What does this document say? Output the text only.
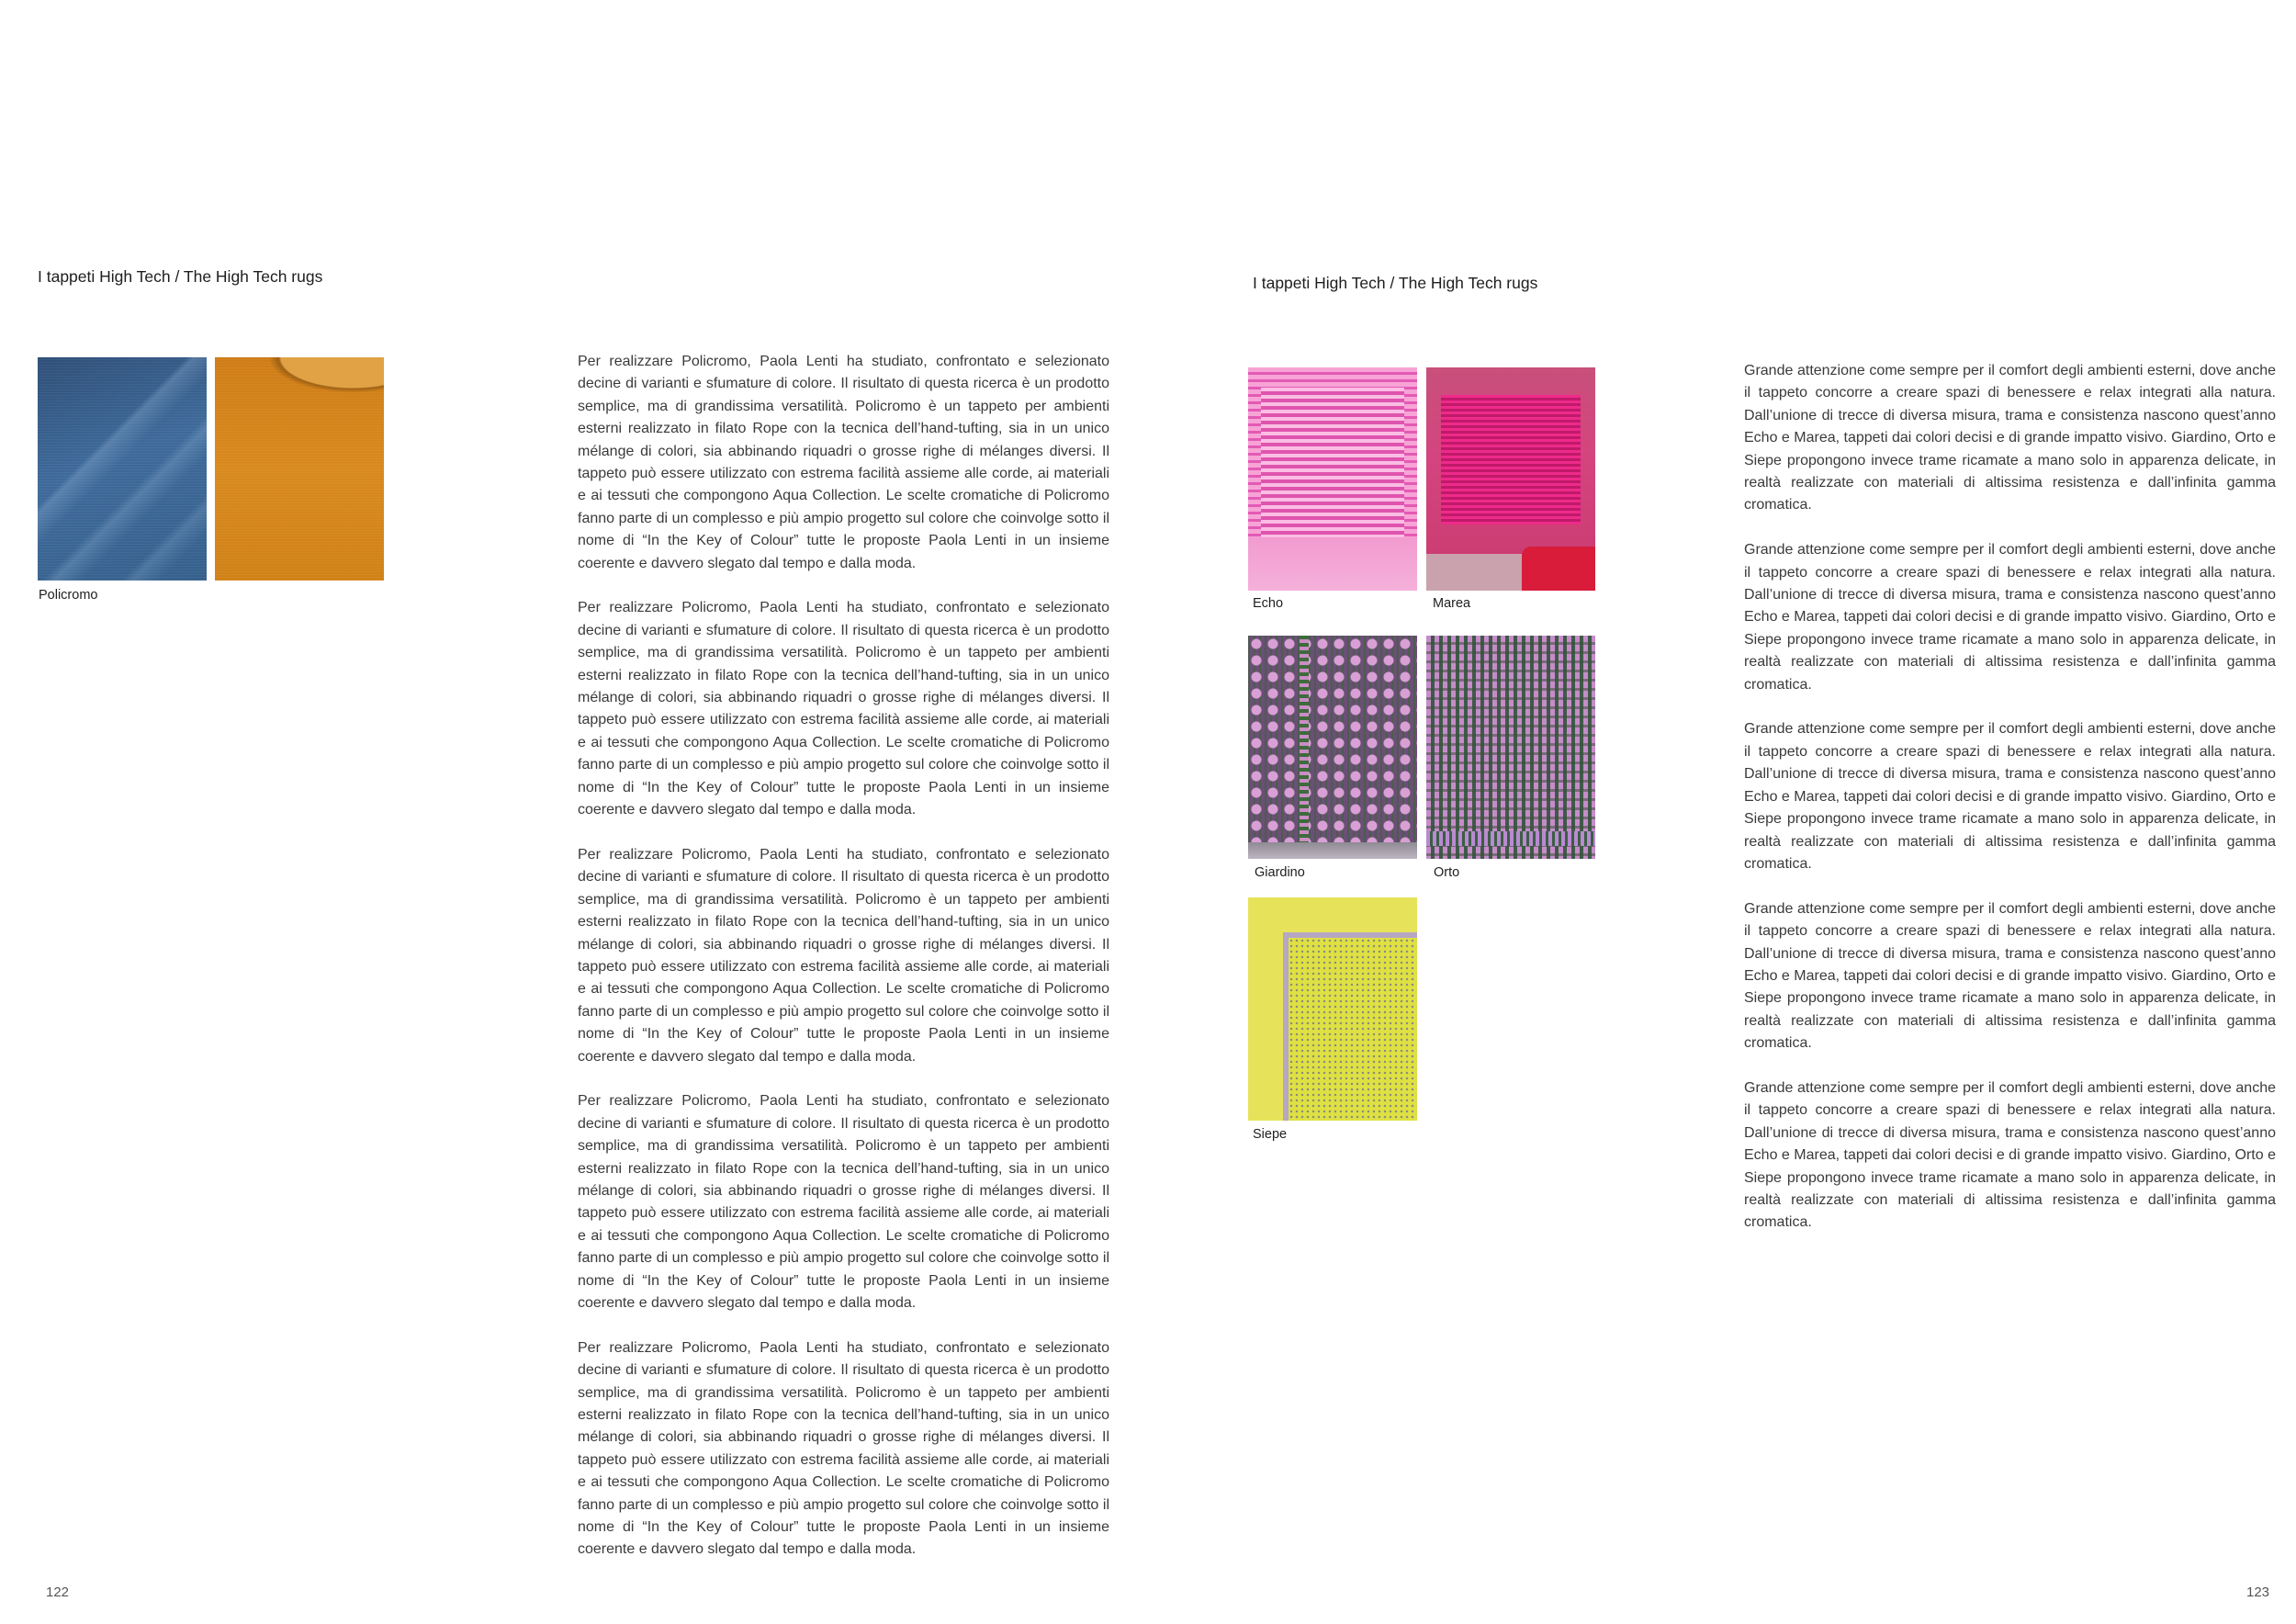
I tappeti High Tech / The High Tech rugs
Policromo

Per realizzare Policromo, Paola Lenti ha studiato, confrontato e selezionato decine di varianti e sfumature di colore. Il risultato di questa ricerca è un prodotto semplice, ma di grandissima versatilità. Policromo è un tappeto per ambienti esterni realizzato in filato Rope con la tecnica dell’hand-tufting, sia in un unico mélange di colori, sia abbinando riquadri o grosse righe di mélanges diversi. Il tappeto può essere utilizzato con estrema facilità assieme alle corde, ai materiali e ai tessuti che compongono Aqua Collection. Le scelte cromatiche di Policromo fanno parte di un complesso e più ampio progetto sul colore che coinvolge sotto il nome di “In the Key of Colour” tutte le proposte Paola Lenti in un insieme coerente e davvero slegato dal tempo e dalla moda.

Per realizzare Policromo, Paola Lenti ha studiato, confrontato e selezionato decine di varianti e sfumature di colore. Il risultato di questa ricerca è un prodotto semplice, ma di grandissima versatilità. Policromo è un tappeto per ambienti esterni realizzato in filato Rope con la tecnica dell’hand-tufting, sia in un unico mélange di colori, sia abbinando riquadri o grosse righe di mélanges diversi. Il tappeto può essere utilizzato con estrema facilità assieme alle corde, ai materiali e ai tessuti che compongono Aqua Collection. Le scelte cromatiche di Policromo fanno parte di un complesso e più ampio progetto sul colore che coinvolge sotto il nome di “In the Key of Colour” tutte le proposte Paola Lenti in un insieme coerente e davvero slegato dal tempo e dalla moda.

Per realizzare Policromo, Paola Lenti ha studiato, confrontato e selezionato decine di varianti e sfumature di colore. Il risultato di questa ricerca è un prodotto semplice, ma di grandissima versatilità. Policromo è un tappeto per ambienti esterni realizzato in filato Rope con la tecnica dell’hand-tufting, sia in un unico mélange di colori, sia abbinando riquadri o grosse righe di mélanges diversi. Il tappeto può essere utilizzato con estrema facilità assieme alle corde, ai materiali e ai tessuti che compongono Aqua Collection. Le scelte cromatiche di Policromo fanno parte di un complesso e più ampio progetto sul colore che coinvolge sotto il nome di “In the Key of Colour” tutte le proposte Paola Lenti in un insieme coerente e davvero slegato dal tempo e dalla moda.

Per realizzare Policromo, Paola Lenti ha studiato, confrontato e selezionato decine di varianti e sfumature di colore. Il risultato di questa ricerca è un prodotto semplice, ma di grandissima versatilità. Policromo è un tappeto per ambienti esterni realizzato in filato Rope con la tecnica dell’hand-tufting, sia in un unico mélange di colori, sia abbinando riquadri o grosse righe di mélanges diversi. Il tappeto può essere utilizzato con estrema facilità assieme alle corde, ai materiali e ai tessuti che compongono Aqua Collection. Le scelte cromatiche di Policromo fanno parte di un complesso e più ampio progetto sul colore che coinvolge sotto il nome di “In the Key of Colour” tutte le proposte Paola Lenti in un insieme coerente e davvero slegato dal tempo e dalla moda.

Per realizzare Policromo, Paola Lenti ha studiato, confrontato e selezionato decine di varianti e sfumature di colore. Il risultato di questa ricerca è un prodotto semplice, ma di grandissima versatilità. Policromo è un tappeto per ambienti esterni realizzato in filato Rope con la tecnica dell’hand-tufting, sia in un unico mélange di colori, sia abbinando riquadri o grosse righe di mélanges diversi. Il tappeto può essere utilizzato con estrema facilità assieme alle corde, ai materiali e ai tessuti che compongono Aqua Collection. Le scelte cromatiche di Policromo fanno parte di un complesso e più ampio progetto sul colore che coinvolge sotto il nome di “In the Key of Colour” tutte le proposte Paola Lenti in un insieme coerente e davvero slegato dal tempo e dalla moda.

122
I tappeti High Tech / The High Tech rugs
Echo	Marea
Giardino	Orto
Siepe

Grande attenzione come sempre per il comfort degli ambienti esterni, dove anche il tappeto concorre a creare spazi di benessere e relax integrati alla natura. Dall’unione di trecce di diversa misura, trama e consistenza nascono quest’anno Echo e Marea, tappeti dai colori decisi e di grande impatto visivo. Giardino, Orto e Siepe propongono invece trame ricamate a mano solo in apparenza delicate, in realtà realizzate con materiali di altissima resistenza e dall’infinita gamma cromatica.

Grande attenzione come sempre per il comfort degli ambienti esterni, dove anche il tappeto concorre a creare spazi di benessere e relax integrati alla natura. Dall’unione di trecce di diversa misura, trama e consistenza nascono quest’anno Echo e Marea, tappeti dai colori decisi e di grande impatto visivo. Giardino, Orto e Siepe propongono invece trame ricamate a mano solo in apparenza delicate, in realtà realizzate con materiali di altissima resistenza e dall’infinita gamma cromatica.

Grande attenzione come sempre per il comfort degli ambienti esterni, dove anche il tappeto concorre a creare spazi di benessere e relax integrati alla natura. Dall’unione di trecce di diversa misura, trama e consistenza nascono quest’anno Echo e Marea, tappeti dai colori decisi e di grande impatto visivo. Giardino, Orto e Siepe propongono invece trame ricamate a mano solo in apparenza delicate, in realtà realizzate con materiali di altissima resistenza e dall’infinita gamma cromatica.

Grande attenzione come sempre per il comfort degli ambienti esterni, dove anche il tappeto concorre a creare spazi di benessere e relax integrati alla natura. Dall’unione di trecce di diversa misura, trama e consistenza nascono quest’anno Echo e Marea, tappeti dai colori decisi e di grande impatto visivo. Giardino, Orto e Siepe propongono invece trame ricamate a mano solo in apparenza delicate, in realtà realizzate con materiali di altissima resistenza e dall’infinita gamma cromatica.

Grande attenzione come sempre per il comfort degli ambienti esterni, dove anche il tappeto concorre a creare spazi di benessere e relax integrati alla natura. Dall’unione di trecce di diversa misura, trama e consistenza nascono quest’anno Echo e Marea, tappeti dai colori decisi e di grande impatto visivo. Giardino, Orto e Siepe propongono invece trame ricamate a mano solo in apparenza delicate, in realtà realizzate con materiali di altissima resistenza e dall’infinita gamma cromatica.

123
